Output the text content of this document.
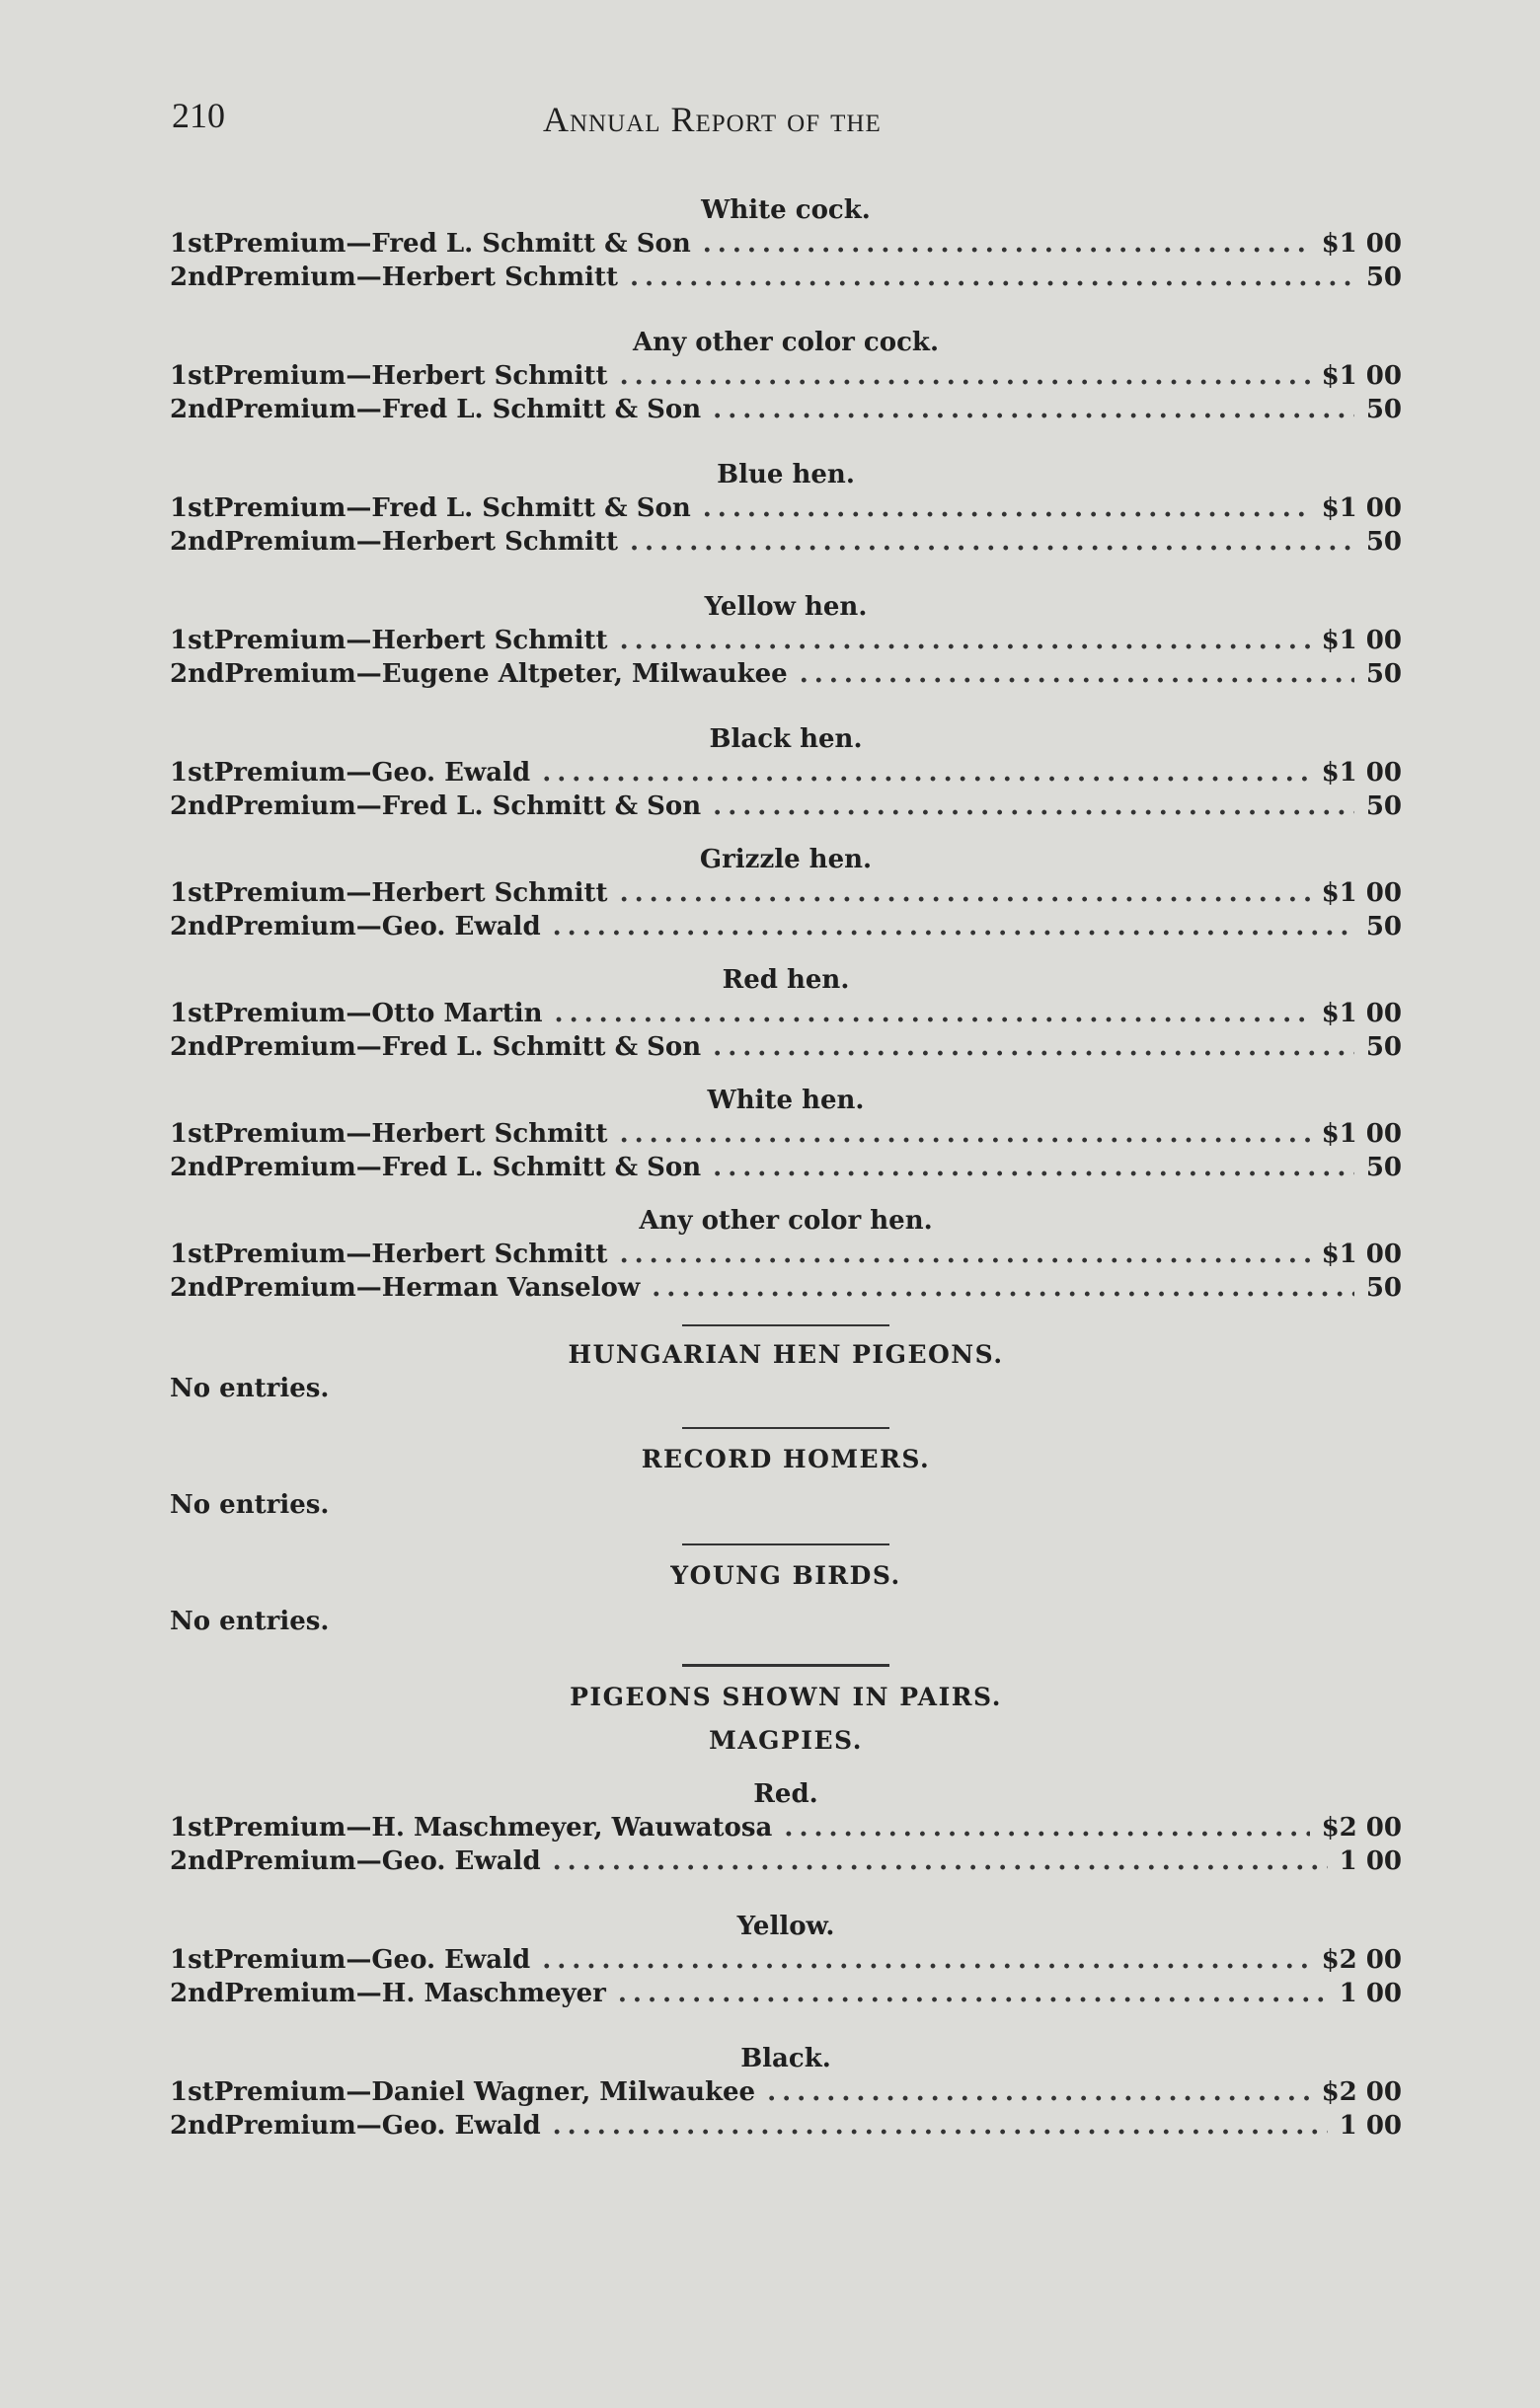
210	Annual Report of the
White cock.
1st Premium—Fred L. Schmitt & Son .....	$1 00
2nd Premium—Herbert Schmitt .....	50
Any other color cock.
1st Premium—Herbert Schmitt .....	$1 00
2nd Premium—Fred L. Schmitt & Son .....	50
Blue hen.
1st Premium—Fred L. Schmitt & Son .....	$1 00
2nd Premium—Herbert Schmitt .....	50
Yellow hen.
1st Premium—Herbert Schmitt .....	$1 00
2nd Premium—Eugene Altpeter, Milwaukee .....	50
Black hen.
1st Premium—Geo. Ewald .....	$1 00
2nd Premium—Fred L. Schmitt & Son .....	50
Grizzle hen.
1st Premium—Herbert Schmitt .....	$1 00
2nd Premium—Geo. Ewald .....	50
Red hen.
1st Premium—Otto Martin .....	$1 00
2nd Premium—Fred L. Schmitt & Son .....	50
White hen.
1st Premium—Herbert Schmitt .....	$1 00
2nd Premium—Fred L. Schmitt & Son .....	50
Any other color hen.
1st Premium—Herbert Schmitt .....	$1 00
2nd Premium—Herman Vanselow .....	50
HUNGARIAN HEN PIGEONS.
No entries.
RECORD HOMERS.
No entries.
YOUNG BIRDS.
No entries.
PIGEONS SHOWN IN PAIRS.
MAGPIES.
Red.
1st Premium—H. Maschmeyer, Wauwatosa .....	$2 00
2nd Premium—Geo. Ewald .....	1 00
Yellow.
1st Premium—Geo. Ewald .....	$2 00
2nd Premium—H. Maschmeyer .....	1 00
Black.
1st Premium—Daniel Wagner, Milwaukee .....	$2 00
2nd Premium—Geo. Ewald .....	1 00
